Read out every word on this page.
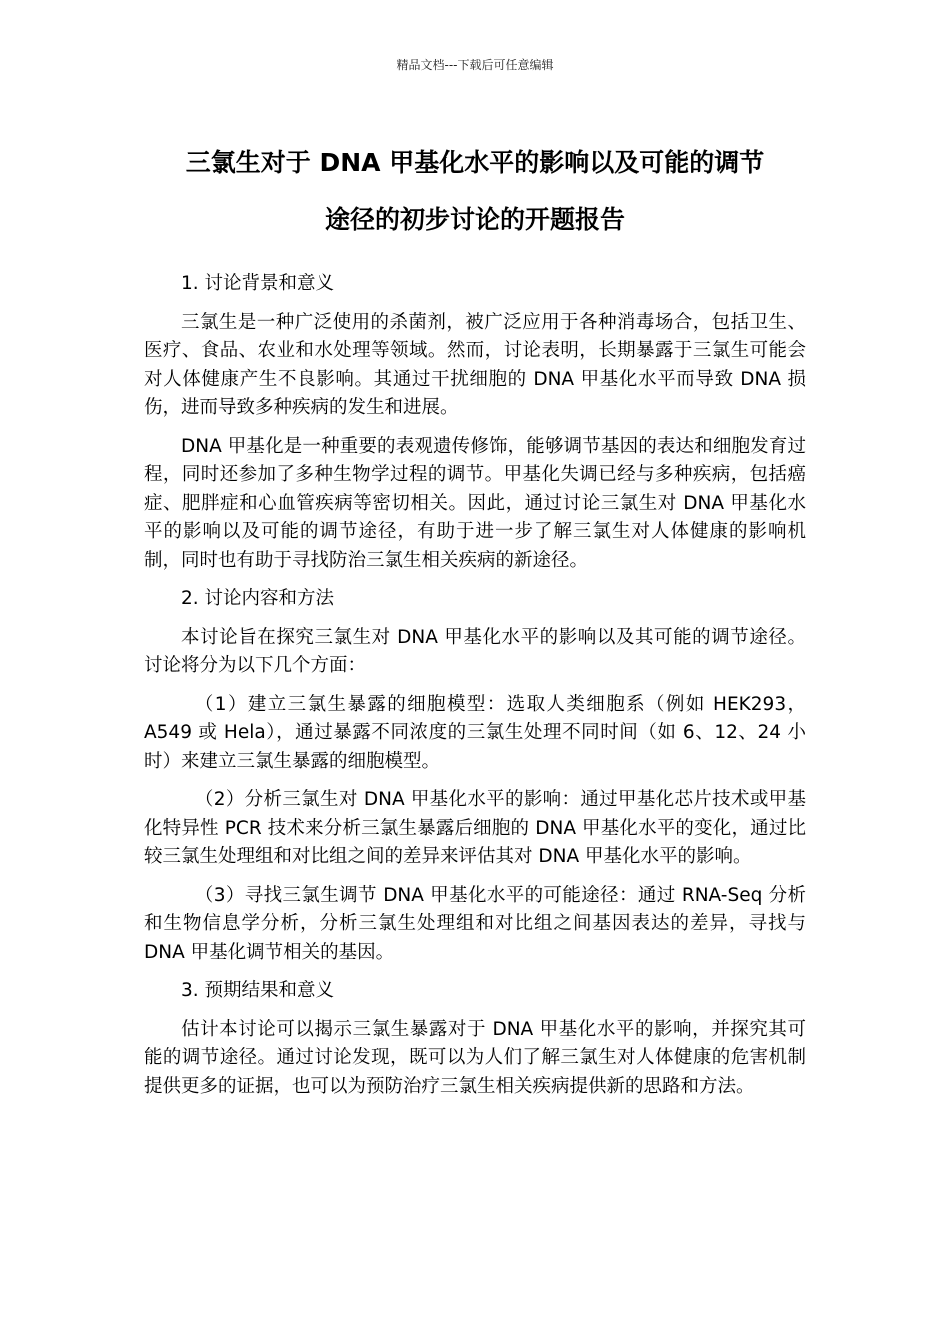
精品文档---下载后可任意编辑
三氯生对于 DNA 甲基化水平的影响以及可能的调节
途径的初步讨论的开题报告

1. 讨论背景和意义

三氯生是一种广泛使用的杀菌剂，被广泛应用于各种消毒场合，包括卫生、医疗、食品、农业和水处理等领域。然而，讨论表明，长期暴露于三氯生可能会对人体健康产生不良影响。其通过干扰细胞的 DNA 甲基化水平而导致 DNA 损伤，进而导致多种疾病的发生和进展。

DNA 甲基化是一种重要的表观遗传修饰，能够调节基因的表达和细胞发育过程，同时还参加了多种生物学过程的调节。甲基化失调已经与多种疾病，包括癌症、肥胖症和心血管疾病等密切相关。因此，通过讨论三氯生对 DNA 甲基化水平的影响以及可能的调节途径，有助于进一步了解三氯生对人体健康的影响机制，同时也有助于寻找防治三氯生相关疾病的新途径。

2. 讨论内容和方法

本讨论旨在探究三氯生对 DNA 甲基化水平的影响以及其可能的调节途径。讨论将分为以下几个方面：

（1）建立三氯生暴露的细胞模型：选取人类细胞系（例如 HEK293，A549 或 Hela），通过暴露不同浓度的三氯生处理不同时间（如 6、12、24 小时）来建立三氯生暴露的细胞模型。

（2）分析三氯生对 DNA 甲基化水平的影响：通过甲基化芯片技术或甲基化特异性 PCR 技术来分析三氯生暴露后细胞的 DNA 甲基化水平的变化，通过比较三氯生处理组和对比组之间的差异来评估其对 DNA 甲基化水平的影响。

（3）寻找三氯生调节 DNA 甲基化水平的可能途径：通过 RNA-Seq 分析和生物信息学分析，分析三氯生处理组和对比组之间基因表达的差异，寻找与 DNA 甲基化调节相关的基因。

3. 预期结果和意义

估计本讨论可以揭示三氯生暴露对于 DNA 甲基化水平的影响，并探究其可能的调节途径。通过讨论发现，既可以为人们了解三氯生对人体健康的危害机制提供更多的证据，也可以为预防治疗三氯生相关疾病提供新的思路和方法。
